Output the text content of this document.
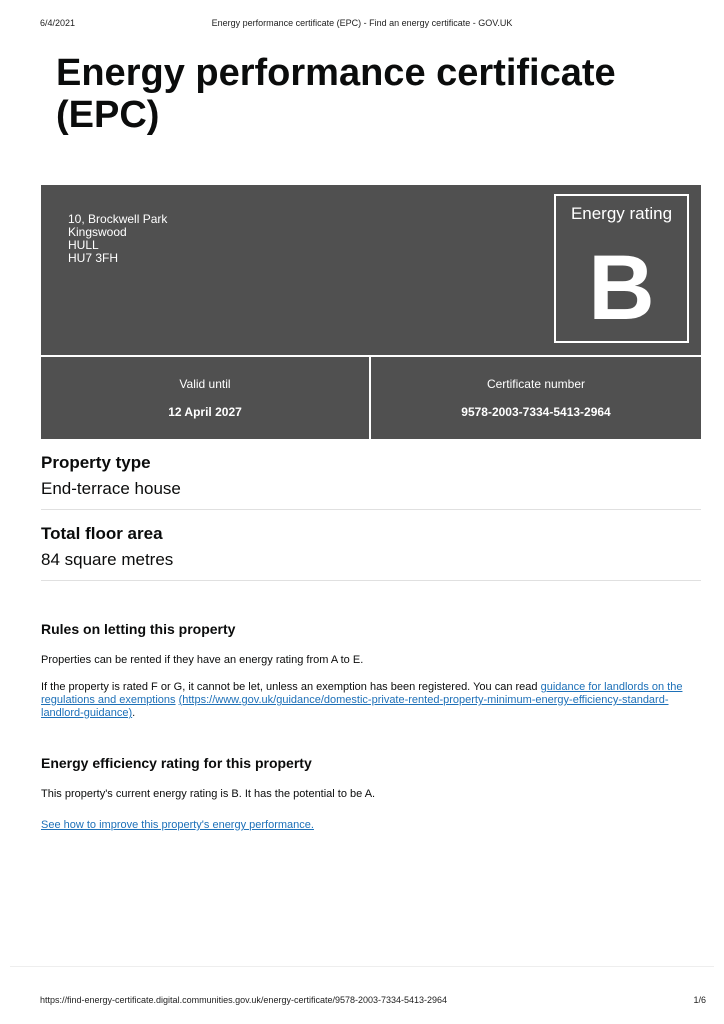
6/4/2021	Energy performance certificate (EPC) - Find an energy certificate - GOV.UK
Energy performance certificate (EPC)
10, Brockwell Park
Kingswood
HULL
HU7 3FH
Energy rating
B
Valid until
12 April 2027
Certificate number
9578-2003-7334-5413-2964
Property type
End-terrace house
Total floor area
84 square metres
Rules on letting this property

Properties can be rented if they have an energy rating from A to E.

If the property is rated F or G, it cannot be let, unless an exemption has been registered. You can read guidance for landlords on the regulations and exemptions (https://www.gov.uk/guidance/domestic-private-rented-property-minimum-energy-efficiency-standard-landlord-guidance).

Energy efficiency rating for this property

This property's current energy rating is B. It has the potential to be A.

See how to improve this property's energy performance.

https://find-energy-certificate.digital.communities.gov.uk/energy-certificate/9578-2003-7334-5413-2964	1/6
